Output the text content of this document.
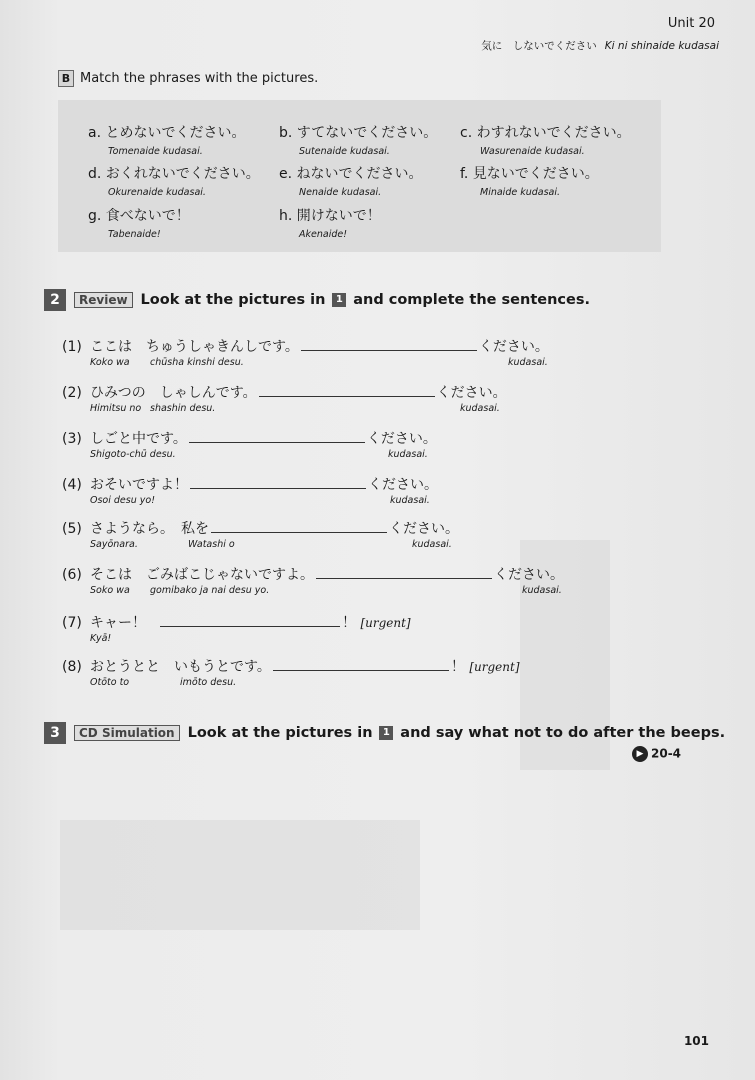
Unit 20
気に　しないでください Ki ni shinaide kudasai
B Match the phrases with the pictures.
a. とめないでください。
Tomenaide kudasai.
b. すてないでください。
Sutenaide kudasai.
c. わすれないでください。
Wasurenaide kudasai.
d. おくれないでください。
Okurenaide kudasai.
e. ねないでください。
Nenaide kudasai.
f. 見ないでください。
Minaide kudasai.
g. 食べないで！
Tabenaide!
h. 開けないで！
Akenaide!
2 Review Look at the pictures in 1 and complete the sentences.
(1) ここは　ちゅうしゃきんしです。	ください。
Koko wa chūsha kinshi desu.	kudasai.
(2) ひみつの　しゃしんです。	ください。
Himitsu no shashin desu.	kudasai.
(3) しごと中です。	ください。
Shigoto-chū desu.	kudasai.
(4) おそいですよ！	ください。
Osoi desu yo!	kudasai.
(5) さようなら。　私を	ください。
Sayōnara.	Watashi o	kudasai.
(6) そこは　ごみばこじゃないですよ。	ください。
Soko wa gomibako ja nai desu yo.	kudasai.
(7) キャー！	！ [urgent]
Kyā!
(8) おとうとと　いもうとです。	！ [urgent]
Otōto to	imōto desu.
3 CD Simulation Look at the pictures in 1 and say what not to do after the beeps.
▶ 20-4
101
